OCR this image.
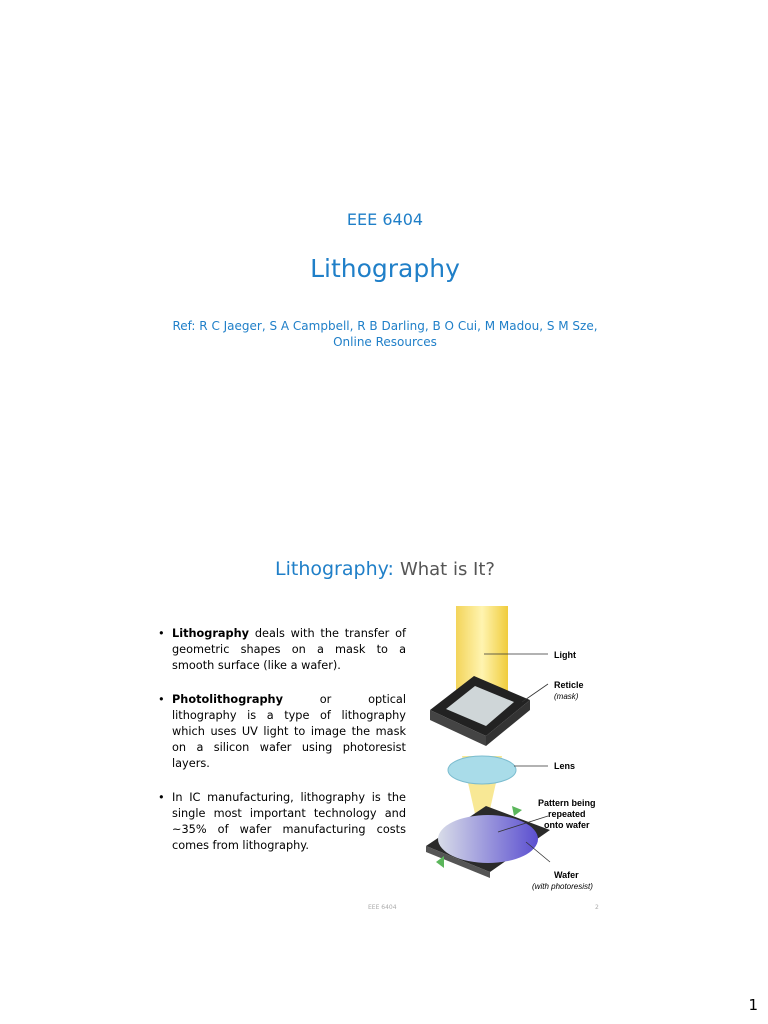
EEE 6404
Lithography
Ref: R C Jaeger, S A Campbell, R B Darling, B O Cui, M Madou, S M Sze,
Online Resources
Lithography: What is It?
• Lithography deals with the transfer of geometric shapes on a mask to a smooth surface (like a wafer).
• Photolithography or optical lithography is a type of lithography which uses UV light to image the mask on a silicon wafer using photoresist layers.
• In IC manufacturing, lithography is the single most important technology and ~35% of wafer manufacturing costs comes from lithography.
Light
Reticle
(mask)
Lens
Pattern being
repeated
onto wafer
Wafer
(with photoresist)
EEE 6404	2
1
